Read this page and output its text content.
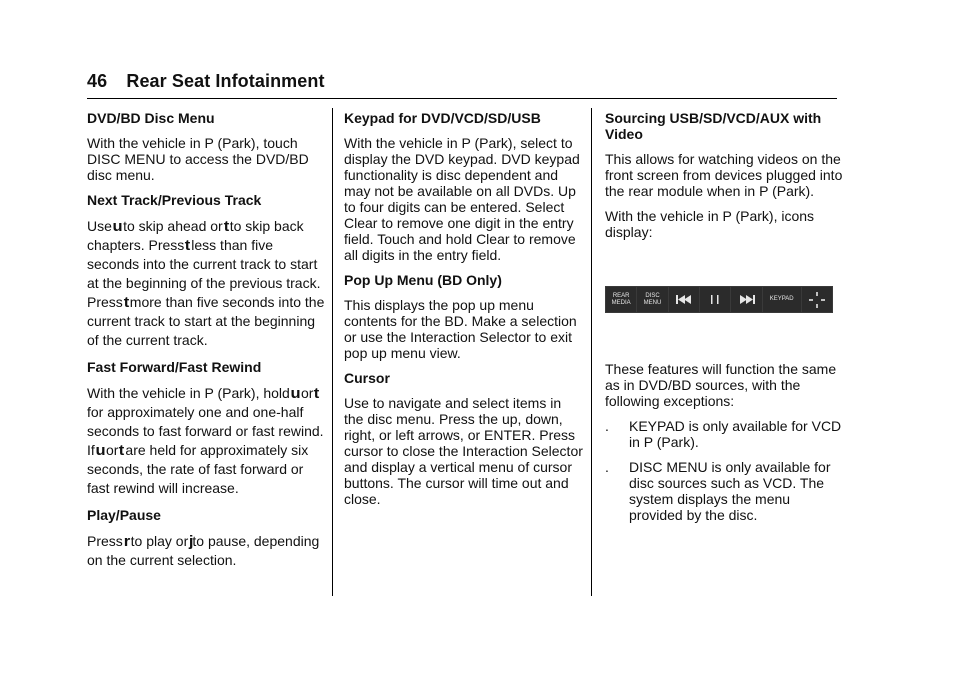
46 Rear Seat Infotainment
DVD/BD Disc Menu

With the vehicle in P (Park), touch DISC MENU to access the DVD/BD disc menu.

Next Track/Previous Track

Useuto skip ahead ortto skip back chapters. Presstless than five seconds into the current track to start at the beginning of the previous track. Presstmore than five seconds into the current track to start at the beginning of the current track.

Fast Forward/Fast Rewind

With the vehicle in P (Park), holduortfor approximately one and one-half seconds to fast forward or fast rewind. Ifuortare held for approximately six seconds, the rate of fast forward or fast rewind will increase.

Play/Pause

Pressrto play orjto pause, depending on the current selection.

Keypad for DVD/VCD/SD/USB

With the vehicle in P (Park), select to display the DVD keypad. DVD keypad functionality is disc dependent and may not be available on all DVDs. Up to four digits can be entered. Select Clear to remove one digit in the entry field. Touch and hold Clear to remove all digits in the entry field.

Pop Up Menu (BD Only)

This displays the pop up menu contents for the BD. Make a selection or use the Interaction Selector to exit pop up menu view.

Cursor

Use to navigate and select items in the disc menu. Press the up, down, right, or left arrows, or ENTER. Press cursor to close the Interaction Selector and display a vertical menu of cursor buttons. The cursor will time out and close.

Sourcing USB/SD/VCD/AUX with Video

This allows for watching videos on the front screen from devices plugged into the rear module when in P (Park).

With the vehicle in P (Park), icons display:

REAR MEDIA
DISC MENU
KEYPAD

These features will function the same as in DVD/BD sources, with the following exceptions:

.	KEYPAD is only available for VCD in P (Park).
.	DISC MENU is only available for disc sources such as VCD. The system displays the menu provided by the disc.
